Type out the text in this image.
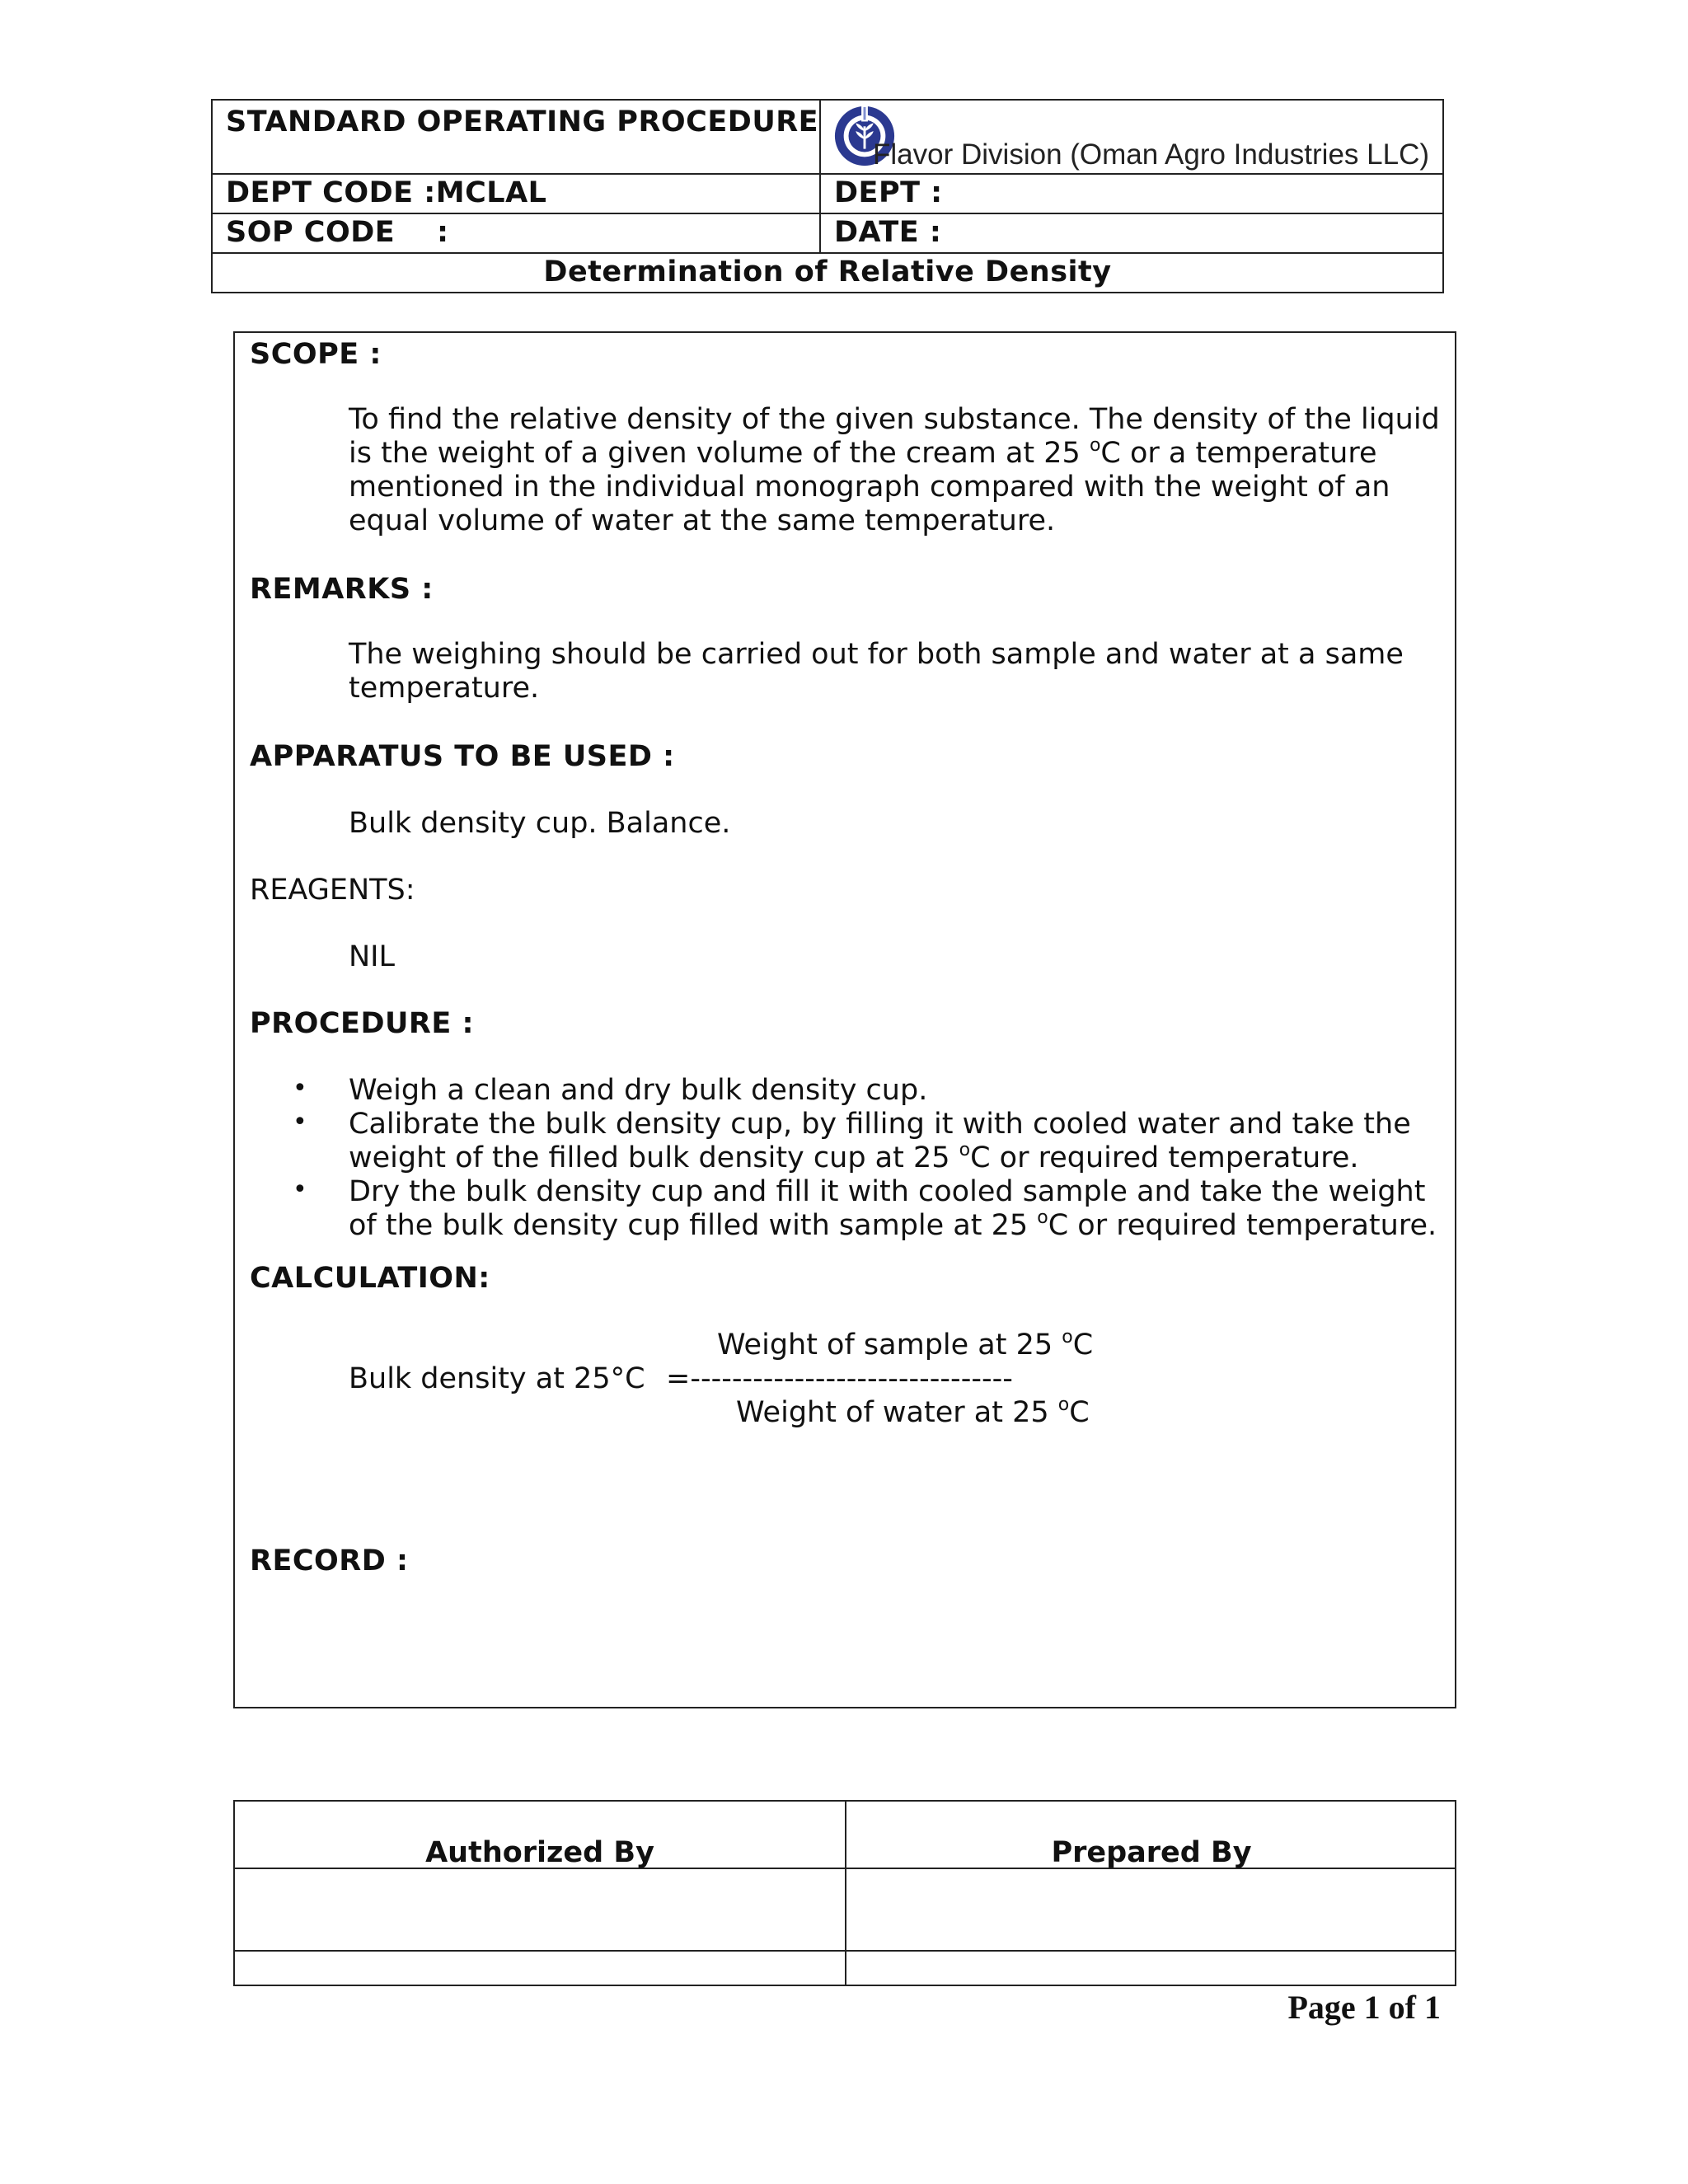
STANDARD OPERATING PROCEDURE
Flavor Division (Oman Agro Industries LLC)
DEPT CODE :MCLAL	DEPT :
SOP CODE    :	DATE :
Determination of Relative Density
SCOPE :
To find the relative density of the given substance. The density of the liquid is the weight of a given volume of the cream at 25 $^o$C or a temperature mentioned in the individual monograph compared with the weight of an equal volume of water at the same temperature.
REMARKS :
The weighing should be carried out for both sample and water at a same temperature.
APPARATUS TO BE USED :
Bulk density cup. Balance.
REAGENTS:
NIL
PROCEDURE :
• Weigh a clean and dry bulk density cup.
• Calibrate the bulk density cup, by filling it with cooled water and take the weight of the filled bulk density cup at 25 $^o$C or required temperature.
• Dry the bulk density cup and fill it with cooled sample and take the weight of the bulk density cup filled with sample at 25 $^o$C or required temperature.
CALCULATION:
Weight of sample at 25 $^o$C
Bulk density at 25°C =-------------------------------
Weight of water at 25 $^o$C
RECORD :
Authorized By	Prepared By
Page 1 of 1
